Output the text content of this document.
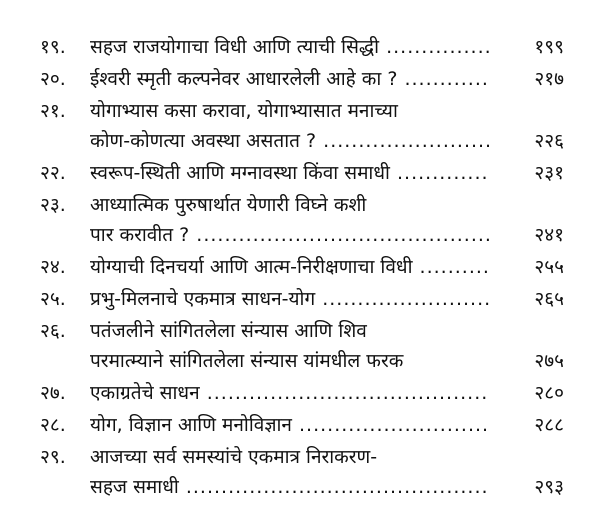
१९.	सहज राजयोगाचा विधी आणि त्याची सिद्धी .....	१९९
२०.	ईश्वरी स्मृती कल्पनेवर आधारलेली आहे का ? .....	२१७
२१.	योगाभ्यास कसा करावा, योगाभ्यासात मनाच्या
कोण-कोणत्या अवस्था असतात ? .....	२२६
२२.	स्वरूप-स्थिती आणि मग्नावस्था किंवा समाधी .....	२३१
२३.	आध्यात्मिक पुरुषार्थात येणारी विघ्ने कशी
पार करावीत ? .....	२४१
२४.	योग्याची दिनचर्या आणि आत्म-निरीक्षणाचा विधी .....	२५५
२५.	प्रभु-मिलनाचे एकमात्र साधन-योग .....	२६५
२६.	पतंजलीने सांगितलेला संन्यास आणि शिव
परमात्म्याने सांगितलेला संन्यास यांमधील फरक	२७५
२७.	एकाग्रतेचे साधन .....	२८०
२८.	योग, विज्ञान आणि मनोविज्ञान .....	२८८
२९.	आजच्या सर्व समस्यांचे एकमात्र निराकरण-
सहज समाधी .....	२९३
